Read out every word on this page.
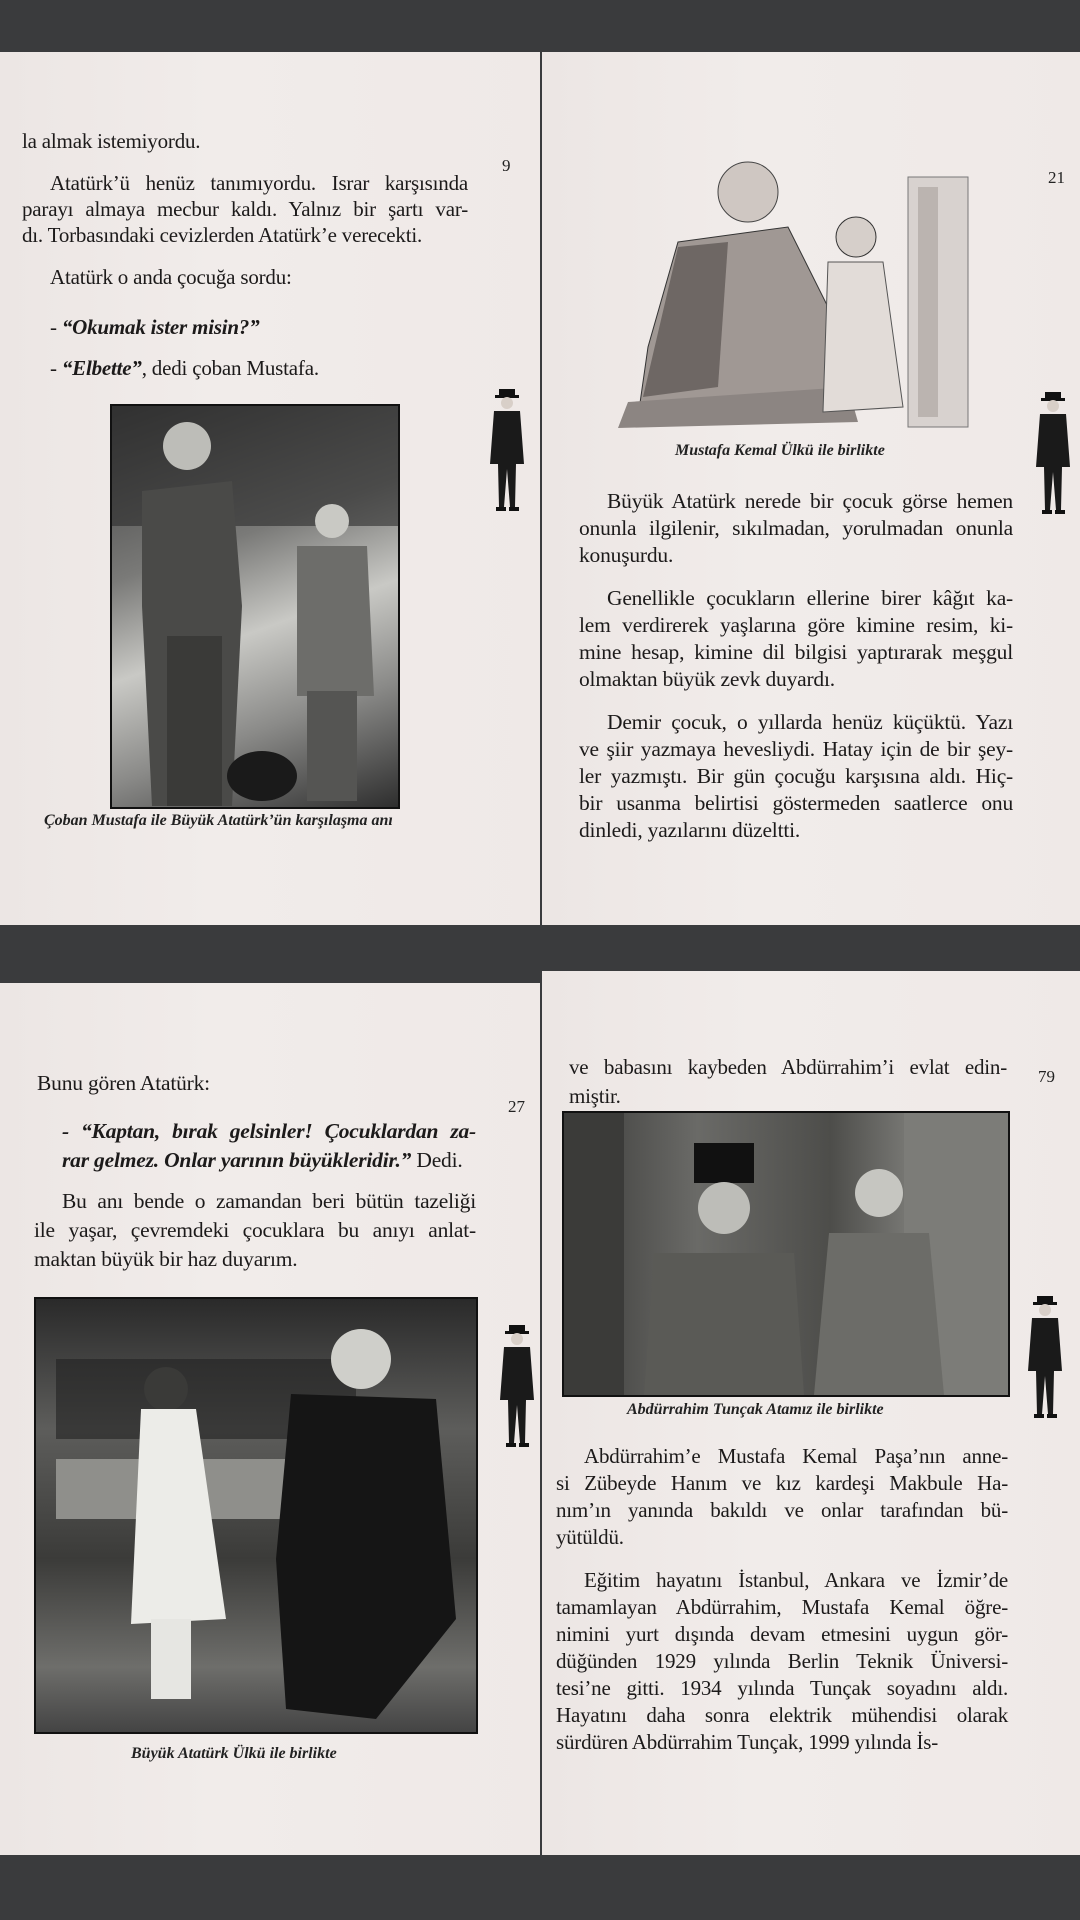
9
la almak istemiyordu.
Atatürk’ü henüz tanımıyordu. Israr karşısında
parayı almaya mecbur kaldı. Yalnız bir şartı var-
dı. Torbasındaki cevizlerden Atatürk’e verecekti.
Atatürk o anda çocuğa sordu:
- “Okumak ister misin?”
- “Elbette”, dedi çoban Mustafa.
Çoban Mustafa ile Büyük Atatürk’ün karşılaşma anı
21
Mustafa Kemal Ülkü ile birlikte
Büyük Atatürk nerede bir çocuk görse hemen
onunla ilgilenir, sıkılmadan, yorulmadan onunla
konuşurdu.
Genellikle çocukların ellerine birer kâğıt ka-
lem verdirerek yaşlarına göre kimine resim, ki-
mine hesap, kimine dil bilgisi yaptırarak meşgul
olmaktan büyük zevk duyardı.
Demir çocuk, o yıllarda henüz küçüktü. Yazı
ve şiir yazmaya hevesliydi. Hatay için de bir şey-
ler yazmıştı. Bir gün çocuğu karşısına aldı. Hiç-
bir usanma belirtisi göstermeden saatlerce onu
dinledi, yazılarını düzeltti.
27
Bunu gören Atatürk:
- “Kaptan, bırak gelsinler! Çocuklardan za-
rar gelmez. Onlar yarının büyükleridir.” Dedi.
Bu anı bende o zamandan beri bütün tazeliği
ile yaşar, çevremdeki çocuklara bu anıyı anlat-
maktan büyük bir haz duyarım.
Büyük Atatürk Ülkü ile birlikte
79
ve babasını kaybeden Abdürrahim’i evlat edin-
miştir.
Abdürrahim Tunçak Atamız ile birlikte
Abdürrahim’e Mustafa Kemal Paşa’nın anne-
si Zübeyde Hanım ve kız kardeşi Makbule Ha-
nım’ın yanında bakıldı ve onlar tarafından bü-
yütüldü.
Eğitim hayatını İstanbul, Ankara ve İzmir’de
tamamlayan Abdürrahim, Mustafa Kemal öğre-
nimini yurt dışında devam etmesini uygun gör-
düğünden 1929 yılında Berlin Teknik Üniversi-
tesi’ne gitti. 1934 yılında Tunçak soyadını aldı.
Hayatını daha sonra elektrik mühendisi olarak
sürdüren Abdürrahim Tunçak, 1999 yılında İs-
